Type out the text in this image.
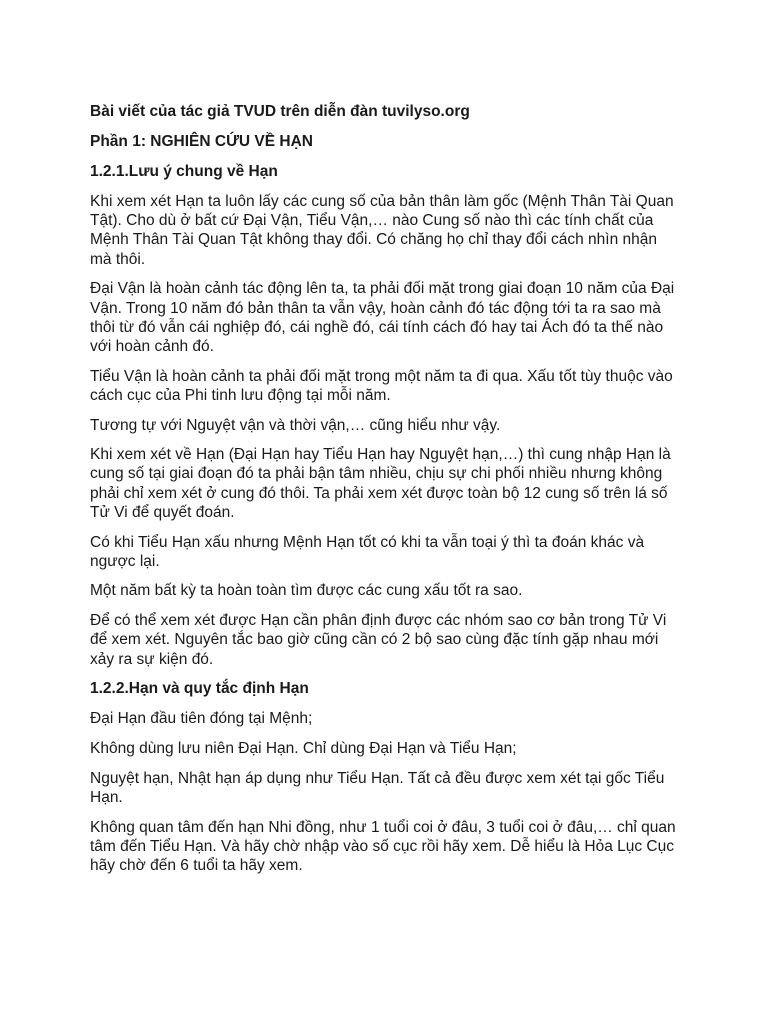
Bài viết của tác giả TVUD trên diễn đàn tuvilyso.org

Phần 1: NGHIÊN CỨU VỀ HẠN

1.2.1.Lưu ý chung về Hạn

Khi xem xét Hạn ta luôn lấy các cung số của bản thân làm gốc (Mệnh Thân Tài Quan Tật). Cho dù ở bất cứ Đại Vận, Tiểu Vận,… nào Cung số nào thì các tính chất của Mệnh Thân Tài Quan Tật không thay đổi. Có chăng họ chỉ thay đổi cách nhìn nhận mà thôi.

Đại Vận là hoàn cảnh tác động lên ta, ta phải đối mặt trong giai đoạn 10 năm của Đại Vận. Trong 10 năm đó bản thân ta vẫn vậy, hoàn cảnh đó tác động tới ta ra sao mà thôi từ đó vẫn cái nghiệp đó, cái nghề đó, cái tính cách đó hay tai Ách đó ta thế nào với hoàn cảnh đó.

Tiểu Vận là hoàn cảnh ta phải đối mặt trong một năm ta đi qua. Xấu tốt tùy thuộc vào cách cục của Phi tinh lưu động tại mỗi năm.

Tương tự với Nguyệt vận và thời vận,… cũng hiểu như vậy.

Khi xem xét về Hạn (Đại Hạn hay Tiểu Hạn hay Nguyệt hạn,…) thì cung nhập Hạn là cung số tại giai đoạn đó ta phải bận tâm nhiều, chịu sự chi phối nhiều nhưng không phải chỉ xem xét ở cung đó thôi. Ta phải xem xét được toàn bộ 12 cung số trên lá số Tử Vi để quyết đoán.

Có khi Tiểu Hạn xấu nhưng Mệnh Hạn tốt có khi ta vẫn toại ý thì ta đoán khác và ngược lại.

Một năm bất kỳ ta hoàn toàn tìm được các cung xấu tốt ra sao.

Để có thể xem xét được Hạn cần phân định được các nhóm sao cơ bản trong Tử Vi để xem xét. Nguyên tắc bao giờ cũng cần có 2 bộ sao cùng đặc tính gặp nhau mới xảy ra sự kiện đó.

1.2.2.Hạn và quy tắc định Hạn

Đại Hạn đầu tiên đóng tại Mệnh;

Không dùng lưu niên Đại Hạn. Chỉ dùng Đại Hạn và Tiểu Hạn;

Nguyệt hạn, Nhật hạn áp dụng như Tiểu Hạn. Tất cả đều được xem xét tại gốc Tiểu Hạn.

Không quan tâm đến hạn Nhi đồng, như 1 tuổi coi ở đâu, 3 tuổi coi ở đâu,… chỉ quan tâm đến Tiểu Hạn. Và hãy chờ nhập vào số cục rồi hãy xem. Dễ hiểu là Hỏa Lục Cục hãy chờ đến 6 tuổi ta hãy xem.
